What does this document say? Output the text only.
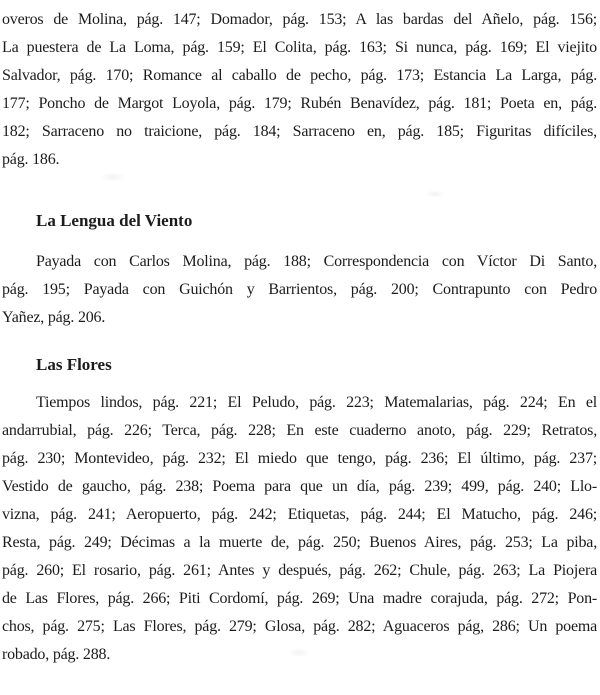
overos de Molina, pág. 147; Domador, pág. 153; A las bardas del Añelo, pág. 156;

La puestera de La Loma, pág. 159; El Colita, pág. 163; Si nunca, pág. 169; El viejito

Salvador, pág. 170; Romance al caballo de pecho, pág. 173; Estancia La Larga, pág.

177; Poncho de Margot Loyola, pág. 179; Rubén Benavídez, pág. 181; Poeta en, pág.

182; Sarraceno no traicione, pág. 184; Sarraceno en, pág. 185; Figuritas difíciles,

pág. 186.

La Lengua del Viento

Payada con Carlos Molina, pág. 188; Correspondencia con Víctor Di Santo,

pág. 195; Payada con Guichón y Barrientos, pág. 200; Contrapunto con Pedro

Yañez, pág. 206.

Las Flores

Tiempos lindos, pág. 221; El Peludo, pág. 223; Matemalarias, pág. 224; En el

andarrubial, pág. 226; Terca, pág. 228; En este cuaderno anoto, pág. 229; Retratos,

pág. 230; Montevideo, pág. 232; El miedo que tengo, pág. 236; El último, pág. 237;

Vestido de gaucho, pág. 238; Poema para que un día, pág. 239; 499, pág. 240; Llo-

vizna, pág. 241; Aeropuerto, pág. 242; Etiquetas, pág. 244; El Matucho, pág. 246;

Resta, pág. 249; Décimas a la muerte de, pág. 250; Buenos Aires, pág. 253; La piba,

pág. 260; El rosario, pág. 261; Antes y después, pág. 262; Chule, pág. 263; La Piojera

de Las Flores, pág. 266; Piti Cordomí, pág. 269; Una madre corajuda, pág. 272; Pon-

chos, pág. 275; Las Flores, pág. 279; Glosa, pág. 282; Aguaceros pág, 286; Un poema

robado, pág. 288.
